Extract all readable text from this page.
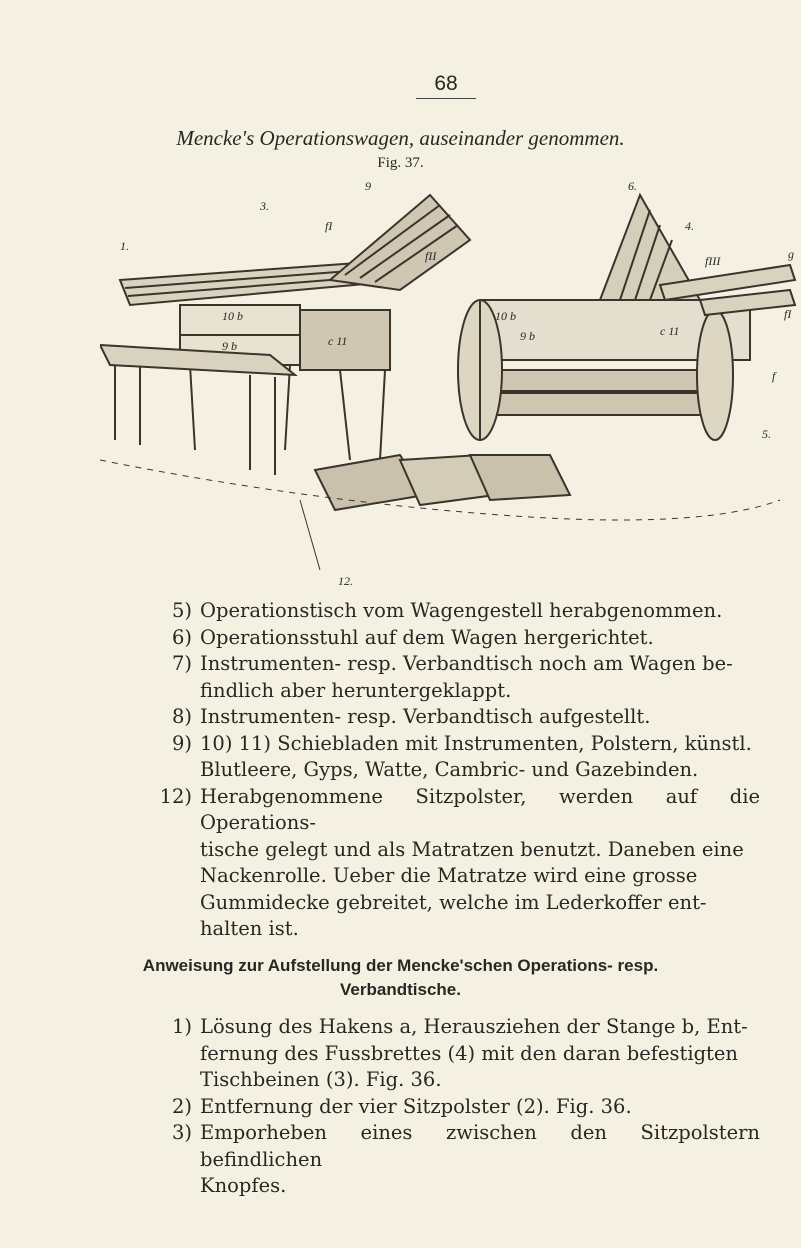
68
Mencke's Operationswagen, auseinander genommen.
Fig. 37.
1.
3.
fI
9
fII
6.
4.
fIII	g
fI
f
5.
10 b
9 b	c 11
10 b
9 b	c 11
12.
5) Operationstisch vom Wagengestell herabgenommen.
6) Operationsstuhl auf dem Wagen hergerichtet.
7) Instrumenten- resp. Verbandtisch noch am Wagen be-
findlich aber heruntergeklappt.
8) Instrumenten- resp. Verbandtisch aufgestellt.
9) 10) 11) Schiebladen mit Instrumenten, Polstern, künstl.
Blutleere, Gyps, Watte, Cambric- und Gazebinden.
12) Herabgenommene Sitzpolster, werden auf die Operations-
tische gelegt und als Matratzen benutzt. Daneben eine
Nackenrolle. Ueber die Matratze wird eine grosse
Gummidecke gebreitet, welche im Lederkoffer ent-
halten ist.
Anweisung zur Aufstellung der Mencke'schen Operations- resp.
Verbandtische.
1) Lösung des Hakens a, Herausziehen der Stange b, Ent-
fernung des Fussbrettes (4) mit den daran befestigten
Tischbeinen (3). Fig. 36.
2) Entfernung der vier Sitzpolster (2). Fig. 36.
3) Emporheben eines zwischen den Sitzpolstern befindlichen
Knopfes.
